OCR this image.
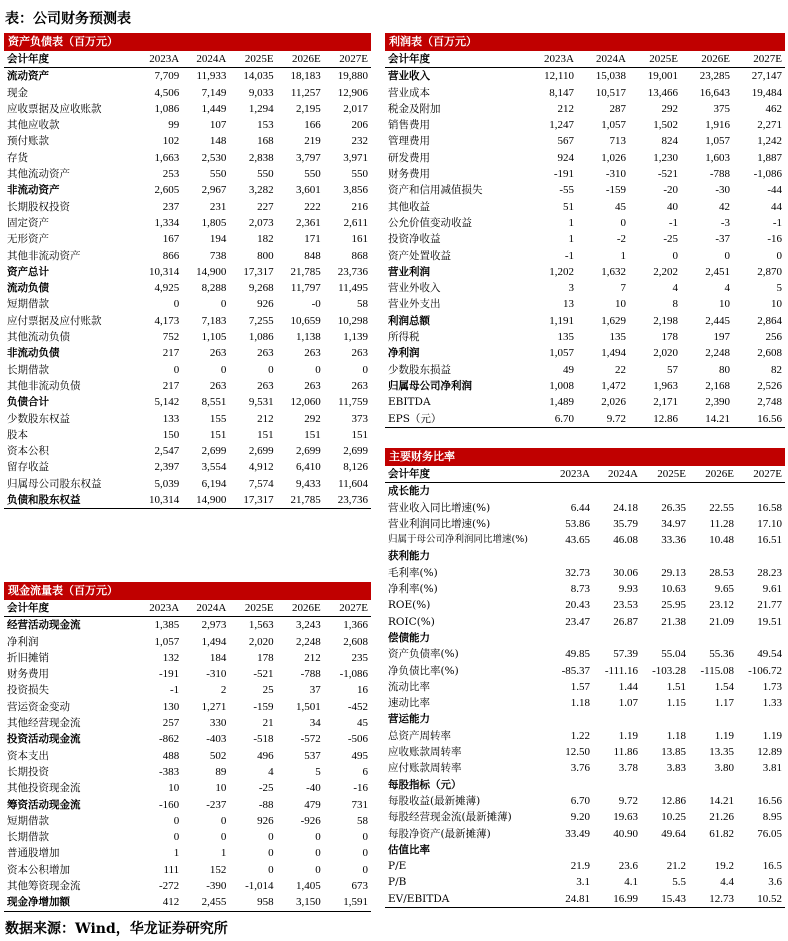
表：公司财务预测表
资产负债表（百万元）
会计年度	2023A	2024A	2025E	2026E	2027E
流动资产	7,709	11,933	14,035	18,183	19,880
现金	4,506	7,149	9,033	11,257	12,906
应收票据及应收账款	1,086	1,449	1,294	2,195	2,017
其他应收款	99	107	153	166	206
预付账款	102	148	168	219	232
存货	1,663	2,530	2,838	3,797	3,971
其他流动资产	253	550	550	550	550
非流动资产	2,605	2,967	3,282	3,601	3,856
长期股权投资	237	231	227	222	216
固定资产	1,334	1,805	2,073	2,361	2,611
无形资产	167	194	182	171	161
其他非流动资产	866	738	800	848	868
资产总计	10,314	14,900	17,317	21,785	23,736
流动负债	4,925	8,288	9,268	11,797	11,495
短期借款	0	0	926	-0	58
应付票据及应付账款	4,173	7,183	7,255	10,659	10,298
其他流动负债	752	1,105	1,086	1,138	1,139
非流动负债	217	263	263	263	263
长期借款	0	0	0	0	0
其他非流动负债	217	263	263	263	263
负债合计	5,142	8,551	9,531	12,060	11,759
少数股东权益	133	155	212	292	373
股本	150	151	151	151	151
资本公积	2,547	2,699	2,699	2,699	2,699
留存收益	2,397	3,554	4,912	6,410	8,126
归属母公司股东权益	5,039	6,194	7,574	9,433	11,604
负债和股东权益	10,314	14,900	17,317	21,785	23,736
利润表（百万元）
会计年度	2023A	2024A	2025E	2026E	2027E
营业收入	12,110	15,038	19,001	23,285	27,147
营业成本	8,147	10,517	13,466	16,643	19,484
税金及附加	212	287	292	375	462
销售费用	1,247	1,057	1,502	1,916	2,271
管理费用	567	713	824	1,057	1,242
研发费用	924	1,026	1,230	1,603	1,887
财务费用	-191	-310	-521	-788	-1,086
资产和信用减值损失	-55	-159	-20	-30	-44
其他收益	51	45	40	42	44
公允价值变动收益	1	0	-1	-3	-1
投资净收益	1	-2	-25	-37	-16
资产处置收益	-1	1	0	0	0
营业利润	1,202	1,632	2,202	2,451	2,870
营业外收入	3	7	4	4	5
营业外支出	13	10	8	10	10
利润总额	1,191	1,629	2,198	2,445	2,864
所得税	135	135	178	197	256
净利润	1,057	1,494	2,020	2,248	2,608
少数股东损益	49	22	57	80	82
归属母公司净利润	1,008	1,472	1,963	2,168	2,526
EBITDA	1,489	2,026	2,171	2,390	2,748
EPS（元）	6.70	9.72	12.86	14.21	16.56
现金流量表（百万元）
会计年度	2023A	2024A	2025E	2026E	2027E
经营活动现金流	1,385	2,973	1,563	3,243	1,366
净利润	1,057	1,494	2,020	2,248	2,608
折旧摊销	132	184	178	212	235
财务费用	-191	-310	-521	-788	-1,086
投资损失	-1	2	25	37	16
营运资金变动	130	1,271	-159	1,501	-452
其他经营现金流	257	330	21	34	45
投资活动现金流	-862	-403	-518	-572	-506
资本支出	488	502	496	537	495
长期投资	-383	89	4	5	6
其他投资现金流	10	10	-25	-40	-16
筹资活动现金流	-160	-237	-88	479	731
短期借款	0	0	926	-926	58
长期借款	0	0	0	0	0
普通股增加	1	1	0	0	0
资本公积增加	111	152	0	0	0
其他筹资现金流	-272	-390	-1,014	1,405	673
现金净增加额	412	2,455	958	3,150	1,591
主要财务比率
会计年度	2023A	2024A	2025E	2026E	2027E
成长能力					
营业收入同比增速(%)	6.44	24.18	26.35	22.55	16.58
营业利润同比增速(%)	53.86	35.79	34.97	11.28	17.10
归属于母公司净利润同比增速(%)	43.65	46.08	33.36	10.48	16.51
获利能力					
毛利率(%)	32.73	30.06	29.13	28.53	28.23
净利率(%)	8.73	9.93	10.63	9.65	9.61
ROE(%)	20.43	23.53	25.95	23.12	21.77
ROIC(%)	23.47	26.87	21.38	21.09	19.51
偿债能力					
资产负债率(%)	49.85	57.39	55.04	55.36	49.54
净负债比率(%)	-85.37	-111.16	-103.28	-115.08	-106.72
流动比率	1.57	1.44	1.51	1.54	1.73
速动比率	1.18	1.07	1.15	1.17	1.33
营运能力					
总资产周转率	1.22	1.19	1.18	1.19	1.19
应收账款周转率	12.50	11.86	13.85	13.35	12.89
应付账款周转率	3.76	3.78	3.83	3.80	3.81
每股指标（元）					
每股收益(最新摊薄)	6.70	9.72	12.86	14.21	16.56
每股经营现金流(最新摊薄)	9.20	19.63	10.25	21.26	8.95
每股净资产(最新摊薄)	33.49	40.90	49.64	61.82	76.05
估值比率					
P/E	21.9	23.6	21.2	19.2	16.5
P/B	3.1	4.1	5.5	4.4	3.6
EV/EBITDA	24.81	16.99	15.43	12.73	10.52
数据来源：Wind，华龙证券研究所
